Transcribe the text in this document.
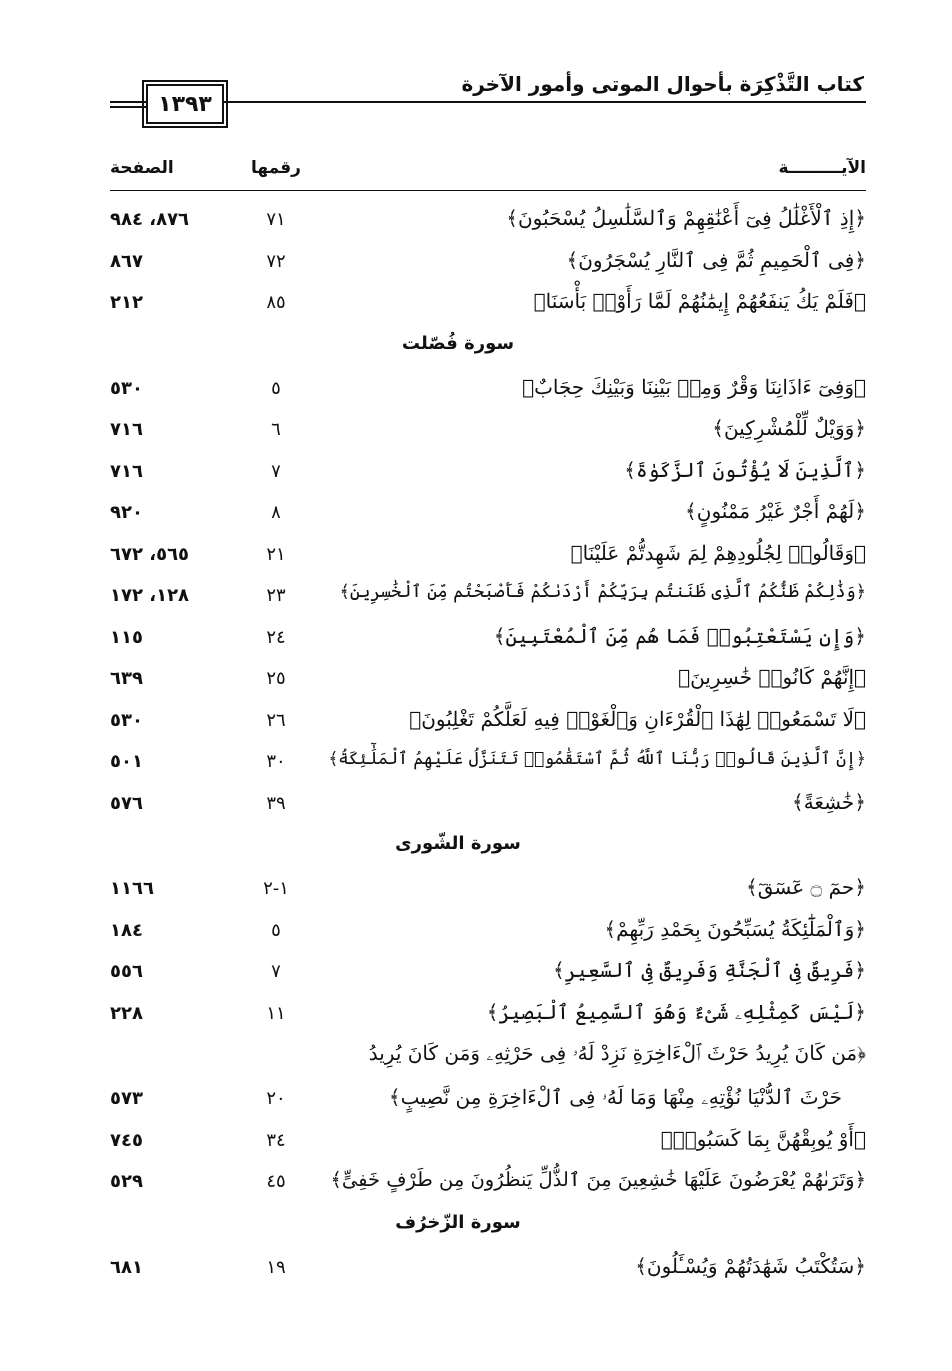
كتاب التَّذْكِرَة بأحوال الموتى وأمور الآخرة
١٣٩٣
الآيـــــــــة
رقمها
الصفحة
﴿إِذِ ٱلْأَغْلَٰلُ فِىٓ أَعْنَٰقِهِمْ وَٱلسَّلَٰسِلُ يُسْحَبُونَ﴾
٧١
٨٧٦، ٩٨٤
﴿فِى ٱلْحَمِيمِ ثُمَّ فِى ٱلنَّارِ يُسْجَرُونَ﴾
٧٢
٨٦٧
﴿فَلَمْ يَكُ يَنفَعُهُمْ إِيمَٰنُهُمْ لَمَّا رَأَوْا۟ بَأْسَنَا﴾
٨٥
٢١٢
سورة فُصّلت
﴿وَفِىٓ ءَاذَانِنَا وَقْرٌ وَمِنۢ بَيْنِنَا وَبَيْنِكَ حِجَابٌ﴾
٥
٥٣٠
﴿وَوَيْلٌ لِّلْمُشْرِكِينَ﴾
٦
٧١٦
﴿ٱلَّذِينَ لَا يُؤْتُونَ ٱلزَّكَوٰةَ﴾
٧
٧١٦
﴿لَهُمْ أَجْرٌ غَيْرُ مَمْنُونٍ﴾
٨
٩٢٠
﴿وَقَالُوا۟ لِجُلُودِهِمْ لِمَ شَهِدتُّمْ عَلَيْنَا﴾
٢١
٥٦٥، ٦٧٢
﴿وَذَٰلِكُمْ ظَنُّكُمُ ٱلَّذِى ظَنَنتُم بِرَبِّكُمْ أَرْدَىٰكُمْ فَأَصْبَحْتُم مِّنَ ٱلْخَٰسِرِينَ﴾
٢٣
١٢٨، ١٧٢
﴿وَإِن يَسْتَعْتِبُوا۟ فَمَا هُم مِّنَ ٱلْمُعْتَبِينَ﴾
٢٤
١١٥
﴿إِنَّهُمْ كَانُوا۟ خَٰسِرِينَ﴾
٢٥
٦٣٩
﴿لَا تَسْمَعُوا۟ لِهَٰذَا ٱلْقُرْءَانِ وَٱلْغَوْا۟ فِيهِ لَعَلَّكُمْ تَغْلِبُونَ﴾
٢٦
٥٣٠
﴿إِنَّ ٱلَّذِينَ قَالُوا۟ رَبُّنَا ٱللَّهُ ثُمَّ ٱسْتَقَٰمُوا۟ تَتَنَزَّلُ عَلَيْهِمُ ٱلْمَلَٰٓئِكَةُ﴾
٣٠
٥٠١
﴿خَٰشِعَةً﴾
٣٩
٥٧٦
سورة الشّورى
﴿حمٓ ۝ عٓسٓقٓ﴾
١-٢
١١٦٦
﴿وَٱلْمَلَٰٓئِكَةُ يُسَبِّحُونَ بِحَمْدِ رَبِّهِمْ﴾
٥
١٨٤
﴿فَرِيقٌ فِى ٱلْجَنَّةِ وَفَرِيقٌ فِى ٱلسَّعِيرِ﴾
٧
٥٥٦
﴿لَيْسَ كَمِثْلِهِۦ شَىْءٌ وَهُوَ ٱلسَّمِيعُ ٱلْبَصِيرُ﴾
١١
٢٢٨
﴿مَن كَانَ يُرِيدُ حَرْثَ ٱلْءَاخِرَةِ نَزِدْ لَهُۥ فِى حَرْثِهِۦ وَمَن كَانَ يُرِيدُ
حَرْثَ ٱلدُّنْيَا نُؤْتِهِۦ مِنْهَا وَمَا لَهُۥ فِى ٱلْءَاخِرَةِ مِن نَّصِيبٍ﴾
٢٠
٥٧٣
﴿أَوْ يُوبِقْهُنَّ بِمَا كَسَبُوا۟﴾
٣٤
٧٤٥
﴿وَتَرَىٰهُمْ يُعْرَضُونَ عَلَيْهَا خَٰشِعِينَ مِنَ ٱلذُّلِّ يَنظُرُونَ مِن طَرْفٍ خَفِىٍّ﴾
٤٥
٥٢٩
سورة الزّخرُف
﴿سَتُكْتَبُ شَهَٰدَتُهُمْ وَيُسْـَٔلُونَ﴾
١٩
٦٨١
